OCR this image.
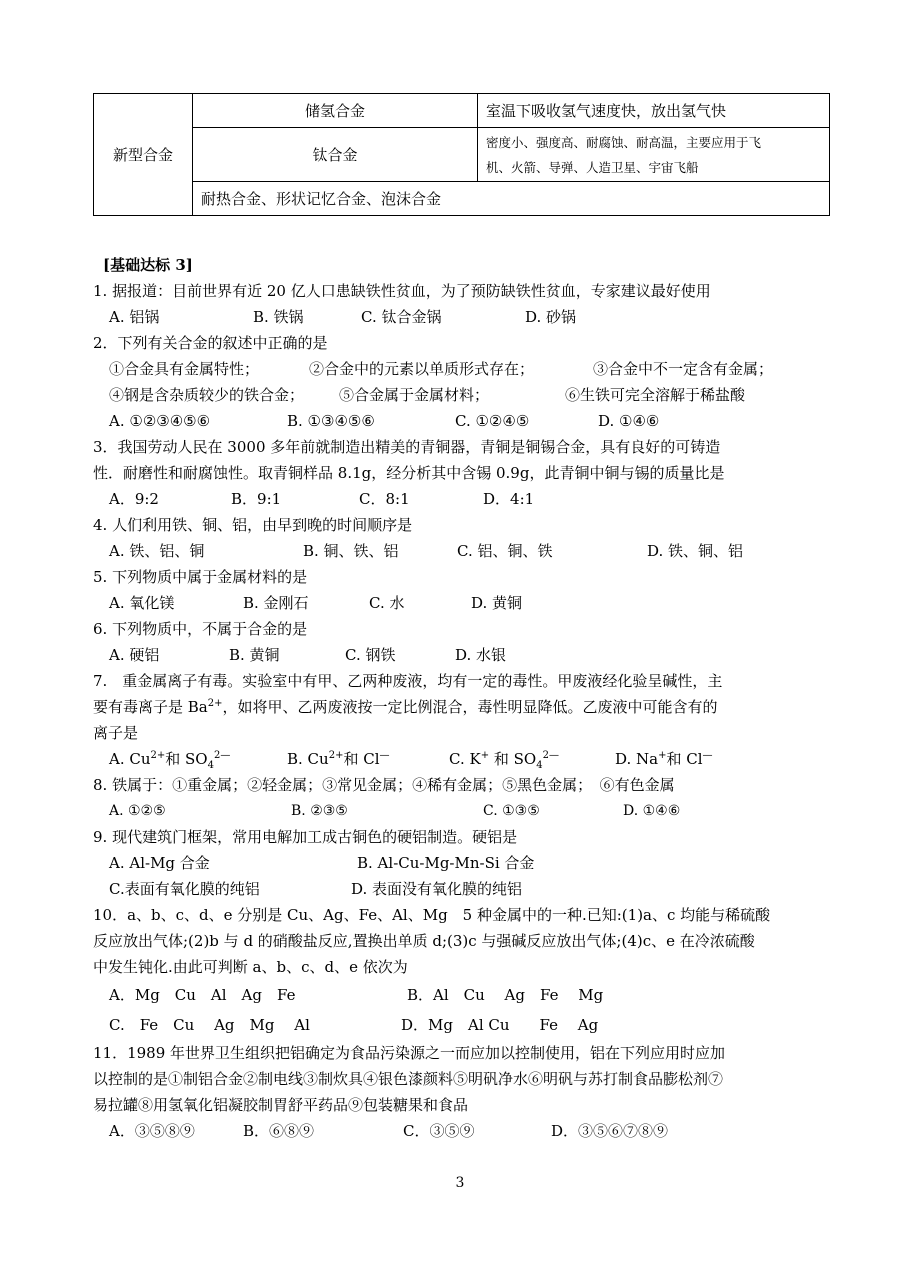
新型合金	储氢合金	室温下吸收氢气速度快，放出氢气快
	钛合金	密度小、强度高、耐腐蚀、耐高温，主要应用于飞
机、火箭、导弹、人造卫星、宇宙飞船

	耐热合金、形状记忆合金、泡沫合金	
[基础达标 3]
1. 据报道：目前世界有近 20 亿人口患缺铁性贫血，为了预防缺铁性贫血，专家建议最好使用
A. 铝锅	B. 铁锅	C. 钛合金锅	D. 砂锅
2．下列有关合金的叙述中正确的是
①合金具有金属特性；	②合金中的元素以单质形式存在；	③合金中不一定含有金属；
④钢是含杂质较少的铁合金； ⑤合金属于金属材料；	⑥生铁可完全溶解于稀盐酸
A. ①②③④⑤⑥	B. ①③④⑤⑥	C. ①②④⑤	D. ①④⑥
3．我国劳动人民在 3000 多年前就制造出精美的青铜器，青铜是铜锡合金，具有良好的可铸造
性．耐磨性和耐腐蚀性。取青铜样品 8.1g，经分析其中含锡 0.9g，此青铜中铜与锡的质量比是
A．9:2	B．9:1	C．8:1	D．4:1
4. 人们利用铁、铜、铝，由早到晚的时间顺序是
A. 铁、铝、铜	B. 铜、铁、铝	C. 铝、铜、铁	D. 铁、铜、铝
5. 下列物质中属于金属材料的是
A. 氧化镁	B. 金刚石	C. 水	D. 黄铜
6. 下列物质中，不属于合金的是
A. 硬铝	B. 黄铜	C. 钢铁	D. 水银
7.　重金属离子有毒。实验室中有甲、乙两种废液，均有一定的毒性。甲废液经化验呈碱性，主
要有毒离子是 $Ba^{2+}$，如将甲、乙两废液按一定比例混合，毒性明显降低。乙废液中可能含有的
离子是
A. $Cu^{2+}$和 $SO_4^{2—}$	B. $Cu^{2+}$和 Cl—	C. K+ 和 $SO_4^{2—}$	D. Na+和 Cl—
8. 铁属于：①重金属；②轻金属；③常见金属；④稀有金属；⑤黑色金属；　⑥有色金属
A. ①②⑤	B. ②③⑤	C. ①③⑤	D. ①④⑥
9. 现代建筑门框架，常用电解加工成古铜色的硬铝制造。硬铝是
A. Al-Mg 合金	B. Al-Cu-Mg-Mn-Si 合金
C.表面有氧化膜的纯铝	D. 表面没有氧化膜的纯铝
10．a、b、c、d、e 分别是 Cu、Ag、Fe、Al、Mg　5 种金属中的一种.已知:(1)a、c 均能与稀硫酸
反应放出气体;(2)b 与 d 的硝酸盐反应,置换出单质 d;(3)c 与强碱反应放出气体;(4)c、e 在冷浓硫酸
中发生钝化.由此可判断 a、b、c、d、e 依次为
A．Mg　Cu　Al　Ag　Fe	B．Al　Cu　 Ag　Fe　 Mg
C.　Fe　Cu　 Ag　Mg　 Al	D．Mg　Al Cu　　Fe　 Ag
11．1989 年世界卫生组织把铝确定为食品污染源之一而应加以控制使用，铝在下列应用时应加
以控制的是①制铝合金②制电线③制炊具④银色漆颜料⑤明矾净水⑥明矾与苏打制食品膨松剂⑦
易拉罐⑧用氢氧化铝凝胶制胃舒平药品⑨包装糖果和食品
A．③⑤⑧⑨	B．⑥⑧⑨	C．③⑤⑨	D．③⑤⑥⑦⑧⑨
3
